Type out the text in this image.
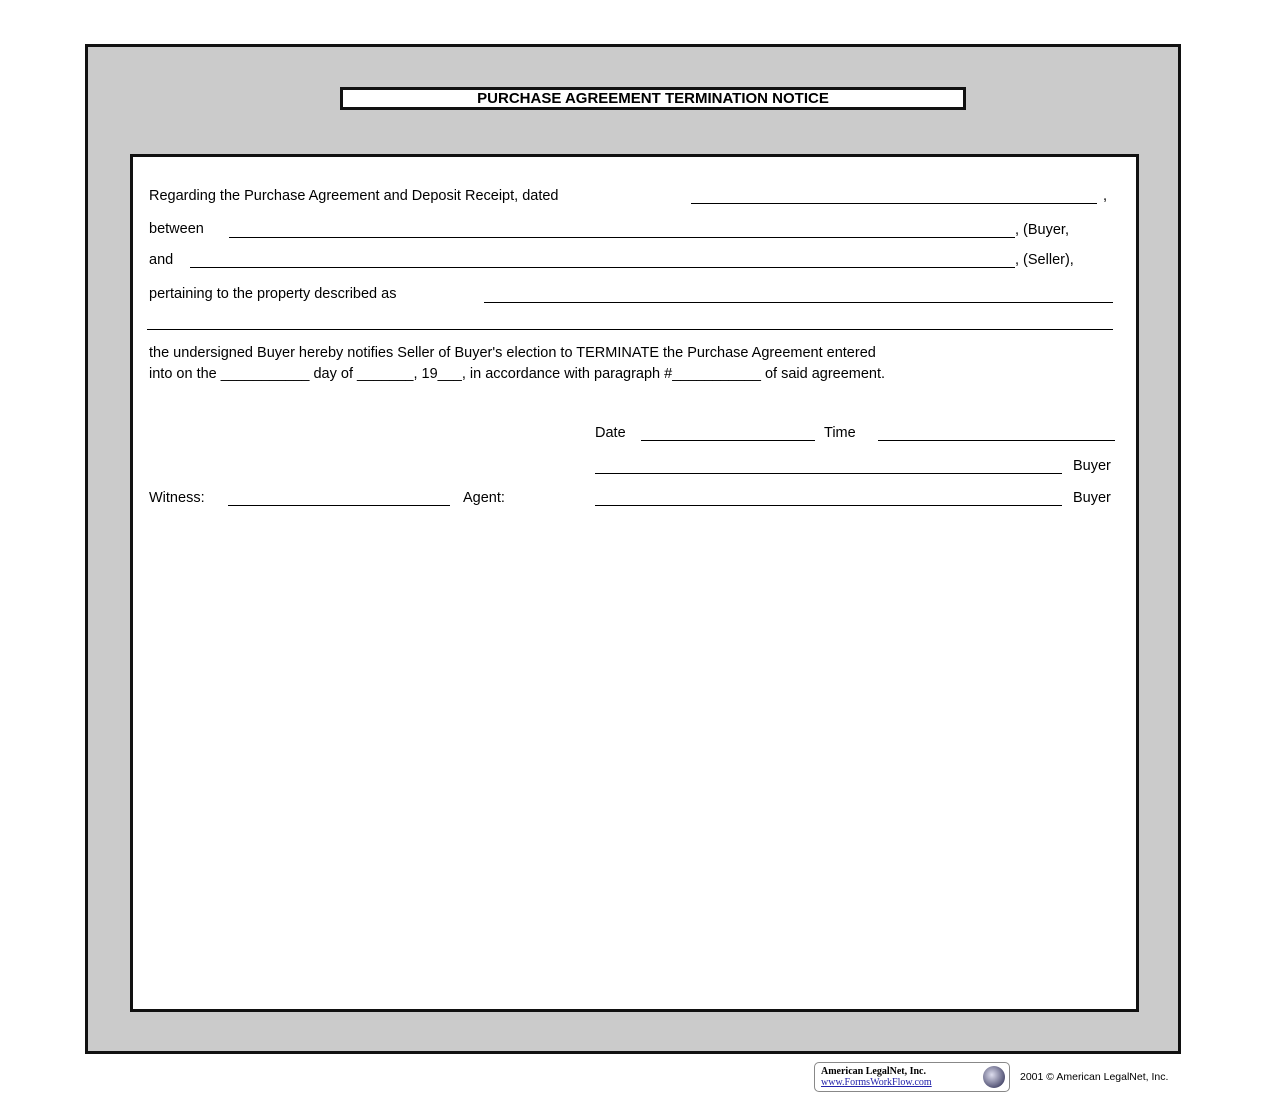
PURCHASE AGREEMENT TERMINATION NOTICE
Regarding the Purchase Agreement and Deposit Receipt, dated	,
between	, (Buyer,
and	, (Seller),
pertaining to the property described as
the undersigned Buyer hereby notifies Seller of Buyer's election to TERMINATE the Purchase Agreement entered
into on the ___________ day of _______, 19___, in accordance with paragraph #___________ of said agreement.
Date	Time
Buyer
Witness:	Agent:	Buyer
American LegalNet, Inc.
www.FormsWorkFlow.com	2001 © American LegalNet, Inc.
